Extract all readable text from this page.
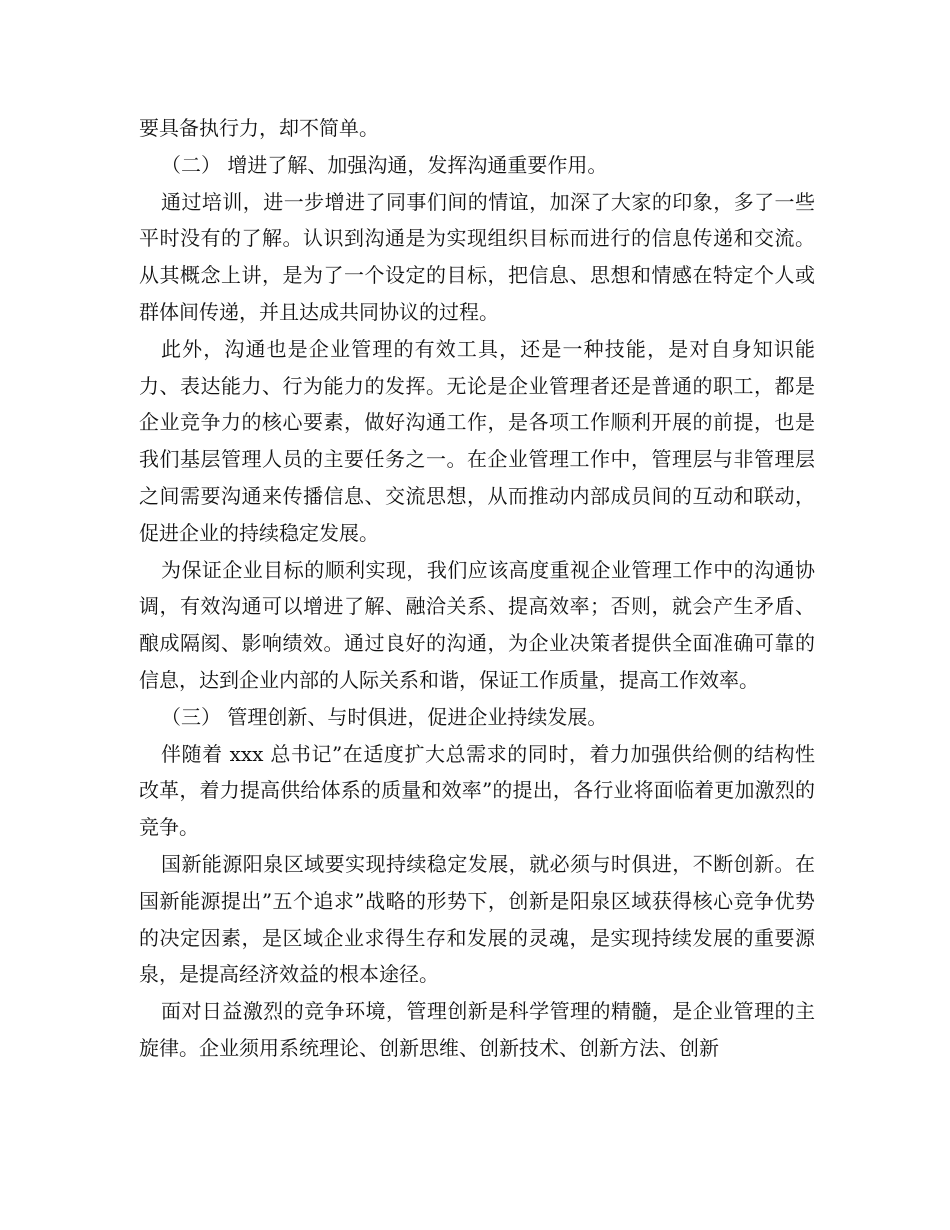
要具备执行力，却不简单。

（二） 增进了解、加强沟通，发挥沟通重要作用。

通过培训，进一步增进了同事们间的情谊，加深了大家的印象，多了一些平时没有的了解。认识到沟通是为实现组织目标而进行的信息传递和交流。从其概念上讲，是为了一个设定的目标，把信息、思想和情感在特定个人或群体间传递，并且达成共同协议的过程。

此外，沟通也是企业管理的有效工具，还是一种技能，是对自身知识能力、表达能力、行为能力的发挥。无论是企业管理者还是普通的职工，都是企业竞争力的核心要素，做好沟通工作，是各项工作顺利开展的前提，也是我们基层管理人员的主要任务之一。在企业管理工作中，管理层与非管理层之间需要沟通来传播信息、交流思想，从而推动内部成员间的互动和联动，促进企业的持续稳定发展。

为保证企业目标的顺利实现，我们应该高度重视企业管理工作中的沟通协调，有效沟通可以增进了解、融洽关系、提高效率；否则，就会产生矛盾、酿成隔阂、影响绩效。通过良好的沟通，为企业决策者提供全面准确可靠的信息，达到企业内部的人际关系和谐，保证工作质量，提高工作效率。

（三） 管理创新、与时俱进，促进企业持续发展。

伴随着 xxx 总书记”在适度扩大总需求的同时，着力加强供给侧的结构性改革，着力提高供给体系的质量和效率”的提出，各行业将面临着更加激烈的竞争。

国新能源阳泉区域要实现持续稳定发展，就必须与时俱进，不断创新。在国新能源提出”五个追求”战略的形势下，创新是阳泉区域获得核心竞争优势的决定因素，是区域企业求得生存和发展的灵魂，是实现持续发展的重要源泉，是提高经济效益的根本途径。

面对日益激烈的竞争环境，管理创新是科学管理的精髓，是企业管理的主旋律。企业须用系统理论、创新思维、创新技术、创新方法、创新
